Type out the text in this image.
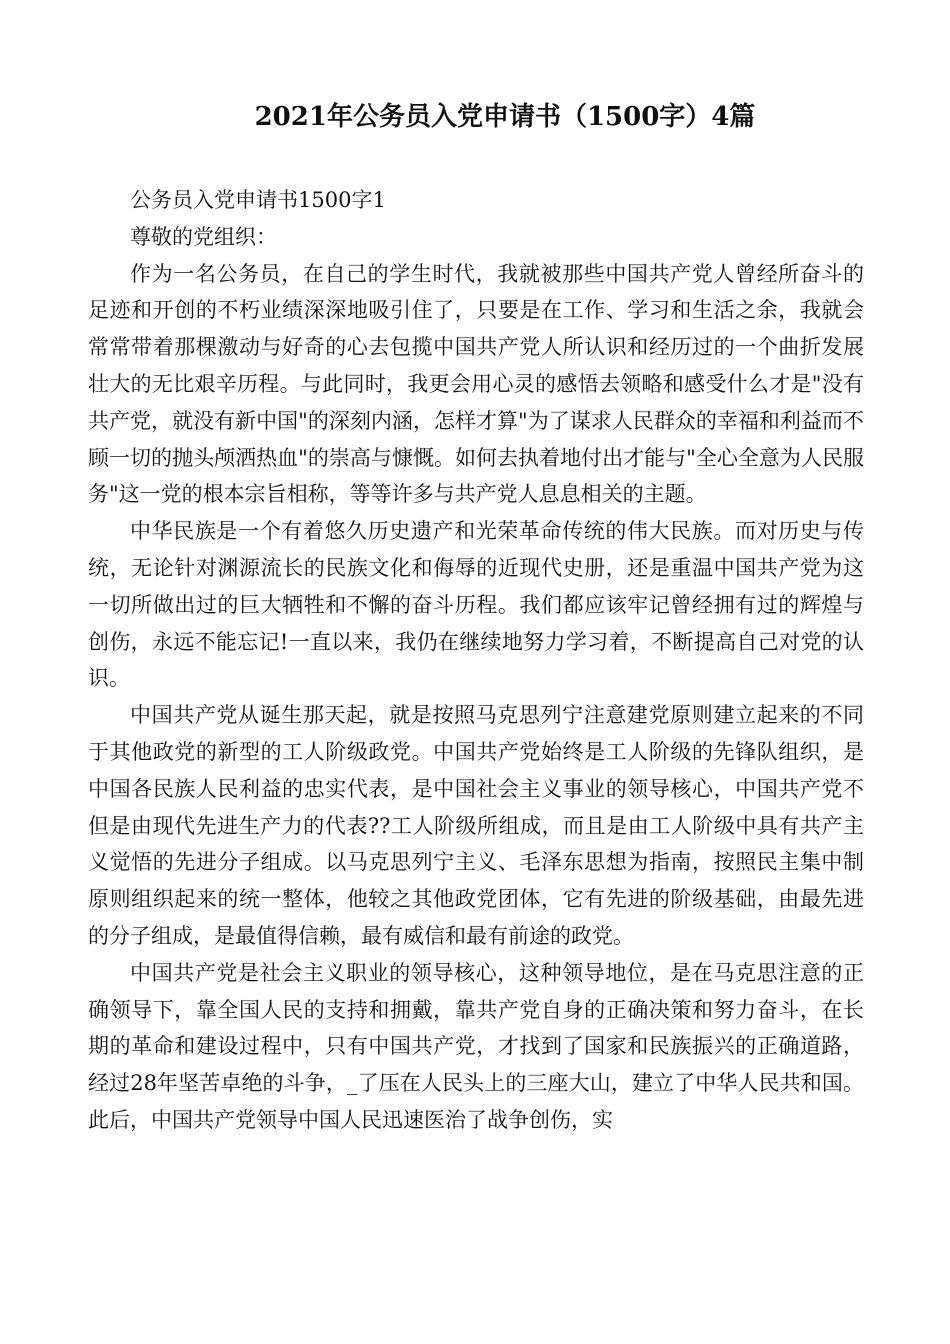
2021年公务员入党申请书（1500字）4篇

公务员入党申请书1500字1

尊敬的党组织：

作为一名公务员，在自己的学生时代，我就被那些中国共产党人曾经所奋斗的足迹和开创的不朽业绩深深地吸引住了，只要是在工作、学习和生活之余，我就会常常带着那棵激动与好奇的心去包揽中国共产党人所认识和经历过的一个曲折发展壮大的无比艰辛历程。与此同时，我更会用心灵的感悟去领略和感受什么才是"没有共产党，就没有新中国"的深刻内涵，怎样才算"为了谋求人民群众的幸福和利益而不顾一切的抛头颅洒热血"的崇高与慷慨。如何去执着地付出才能与"全心全意为人民服务"这一党的根本宗旨相称，等等许多与共产党人息息相关的主题。

中华民族是一个有着悠久历史遗产和光荣革命传统的伟大民族。而对历史与传统，无论针对渊源流长的民族文化和侮辱的近现代史册，还是重温中国共产党为这一切所做出过的巨大牺牲和不懈的奋斗历程。我们都应该牢记曾经拥有过的辉煌与创伤，永远不能忘记!一直以来，我仍在继续地努力学习着，不断提高自己对党的认识。

中国共产党从诞生那天起，就是按照马克思列宁注意建党原则建立起来的不同于其他政党的新型的工人阶级政党。中国共产党始终是工人阶级的先锋队组织，是中国各民族人民利益的忠实代表，是中国社会主义事业的领导核心，中国共产党不但是由现代先进生产力的代表??工人阶级所组成，而且是由工人阶级中具有共产主义觉悟的先进分子组成。以马克思列宁主义、毛泽东思想为指南，按照民主集中制原则组织起来的统一整体，他较之其他政党团体，它有先进的阶级基础，由最先进的分子组成，是最值得信赖，最有威信和最有前途的政党。

中国共产党是社会主义职业的领导核心，这种领导地位，是在马克思注意的正确领导下，靠全国人民的支持和拥戴，靠共产党自身的正确决策和努力奋斗，在长期的革命和建设过程中，只有中国共产党，才找到了国家和民族振兴的正确道路，经过28年坚苦卓绝的斗争，_了压在人民头上的三座大山，建立了中华人民共和国。此后，中国共产党领导中国人民迅速医治了战争创伤，实
